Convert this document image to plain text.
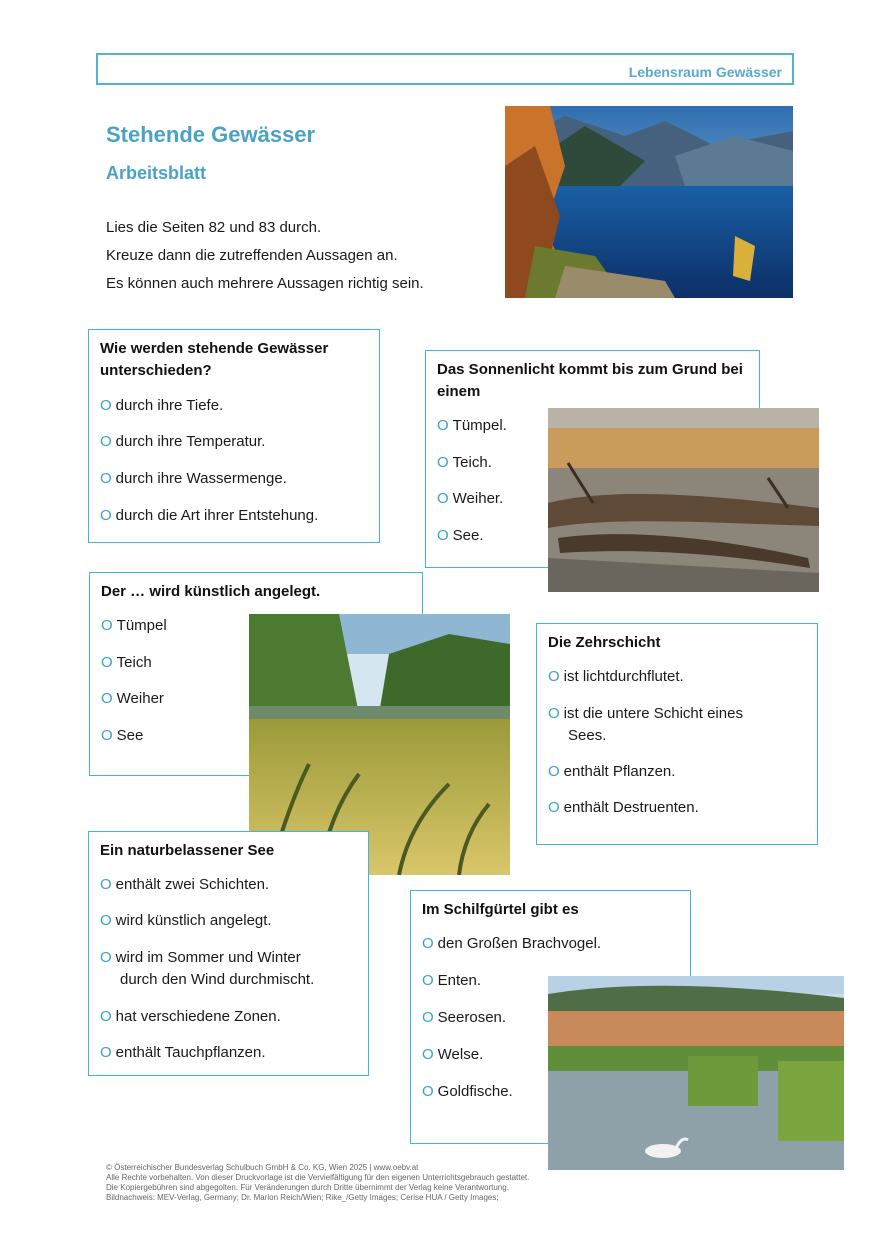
Lebensraum Gewässer
Stehende Gewässer
Arbeitsblatt
Lies die Seiten 82 und 83 durch.
Kreuze dann die zutreffenden Aussagen an.
Es können auch mehrere Aussagen richtig sein.
Wie werden stehende Gewässer unterschieden?
O durch ihre Tiefe.
O durch ihre Temperatur.
O durch ihre Wassermenge.
O durch die Art ihrer Entstehung.
Das Sonnenlicht kommt bis zum Grund bei einem
O Tümpel.
O Teich.
O Weiher.
O See.
Der … wird künstlich angelegt.
O Tümpel
O Teich
O Weiher
O See
Die Zehrschicht
O ist lichtdurchflutet.
O ist die untere Schicht eines
Sees.
O enthält Pflanzen.
O enthält Destruenten.
Ein naturbelassener See
O enthält zwei Schichten.
O wird künstlich angelegt.
O wird im Sommer und Winter
durch den Wind durchmischt.
O hat verschiedene Zonen.
O enthält Tauchpflanzen.
Im Schilfgürtel gibt es
O den Großen Brachvogel.
O Enten.
O Seerosen.
O Welse.
O Goldfische.
© Österreichischer Bundesverlag Schulbuch GmbH & Co. KG, Wien 2025 | www.oebv.at
Alle Rechte vorbehalten. Von dieser Druckvorlage ist die Vervielfältigung für den eigenen Unterrichtsgebrauch gestattet.
Die Kopiergebühren sind abgegolten. Für Veränderungen durch Dritte übernimmt der Verlag keine Verantwortung.
Bildnachweis: MEV-Verlag, Germany; Dr. Marion Reich/Wien; Rike_/Getty Images; Cerise HUA / Getty Images;
